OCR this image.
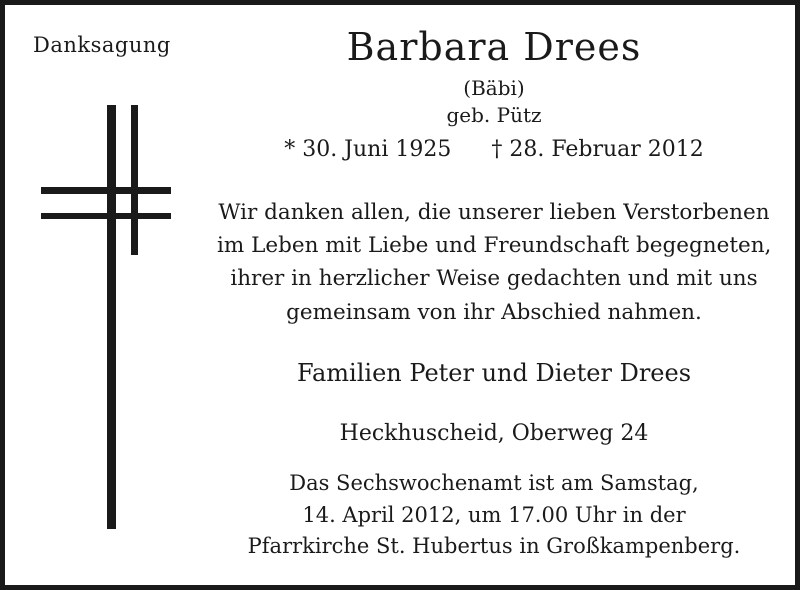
Danksagung	Barbara Drees
(Bäbi)
geb. Pütz
* 30. Juni 1925 † 28. Februar 2012
Wir danken allen, die unserer lieben Verstorbenen
im Leben mit Liebe und Freundschaft begegneten,
ihrer in herzlicher Weise gedachten und mit uns
gemeinsam von ihr Abschied nahmen.
Familien Peter und Dieter Drees
Heckhuscheid, Oberweg 24
Das Sechswochenamt ist am Samstag,
14. April 2012, um 17.00 Uhr in der
Pfarrkirche St. Hubertus in Großkampenberg.
